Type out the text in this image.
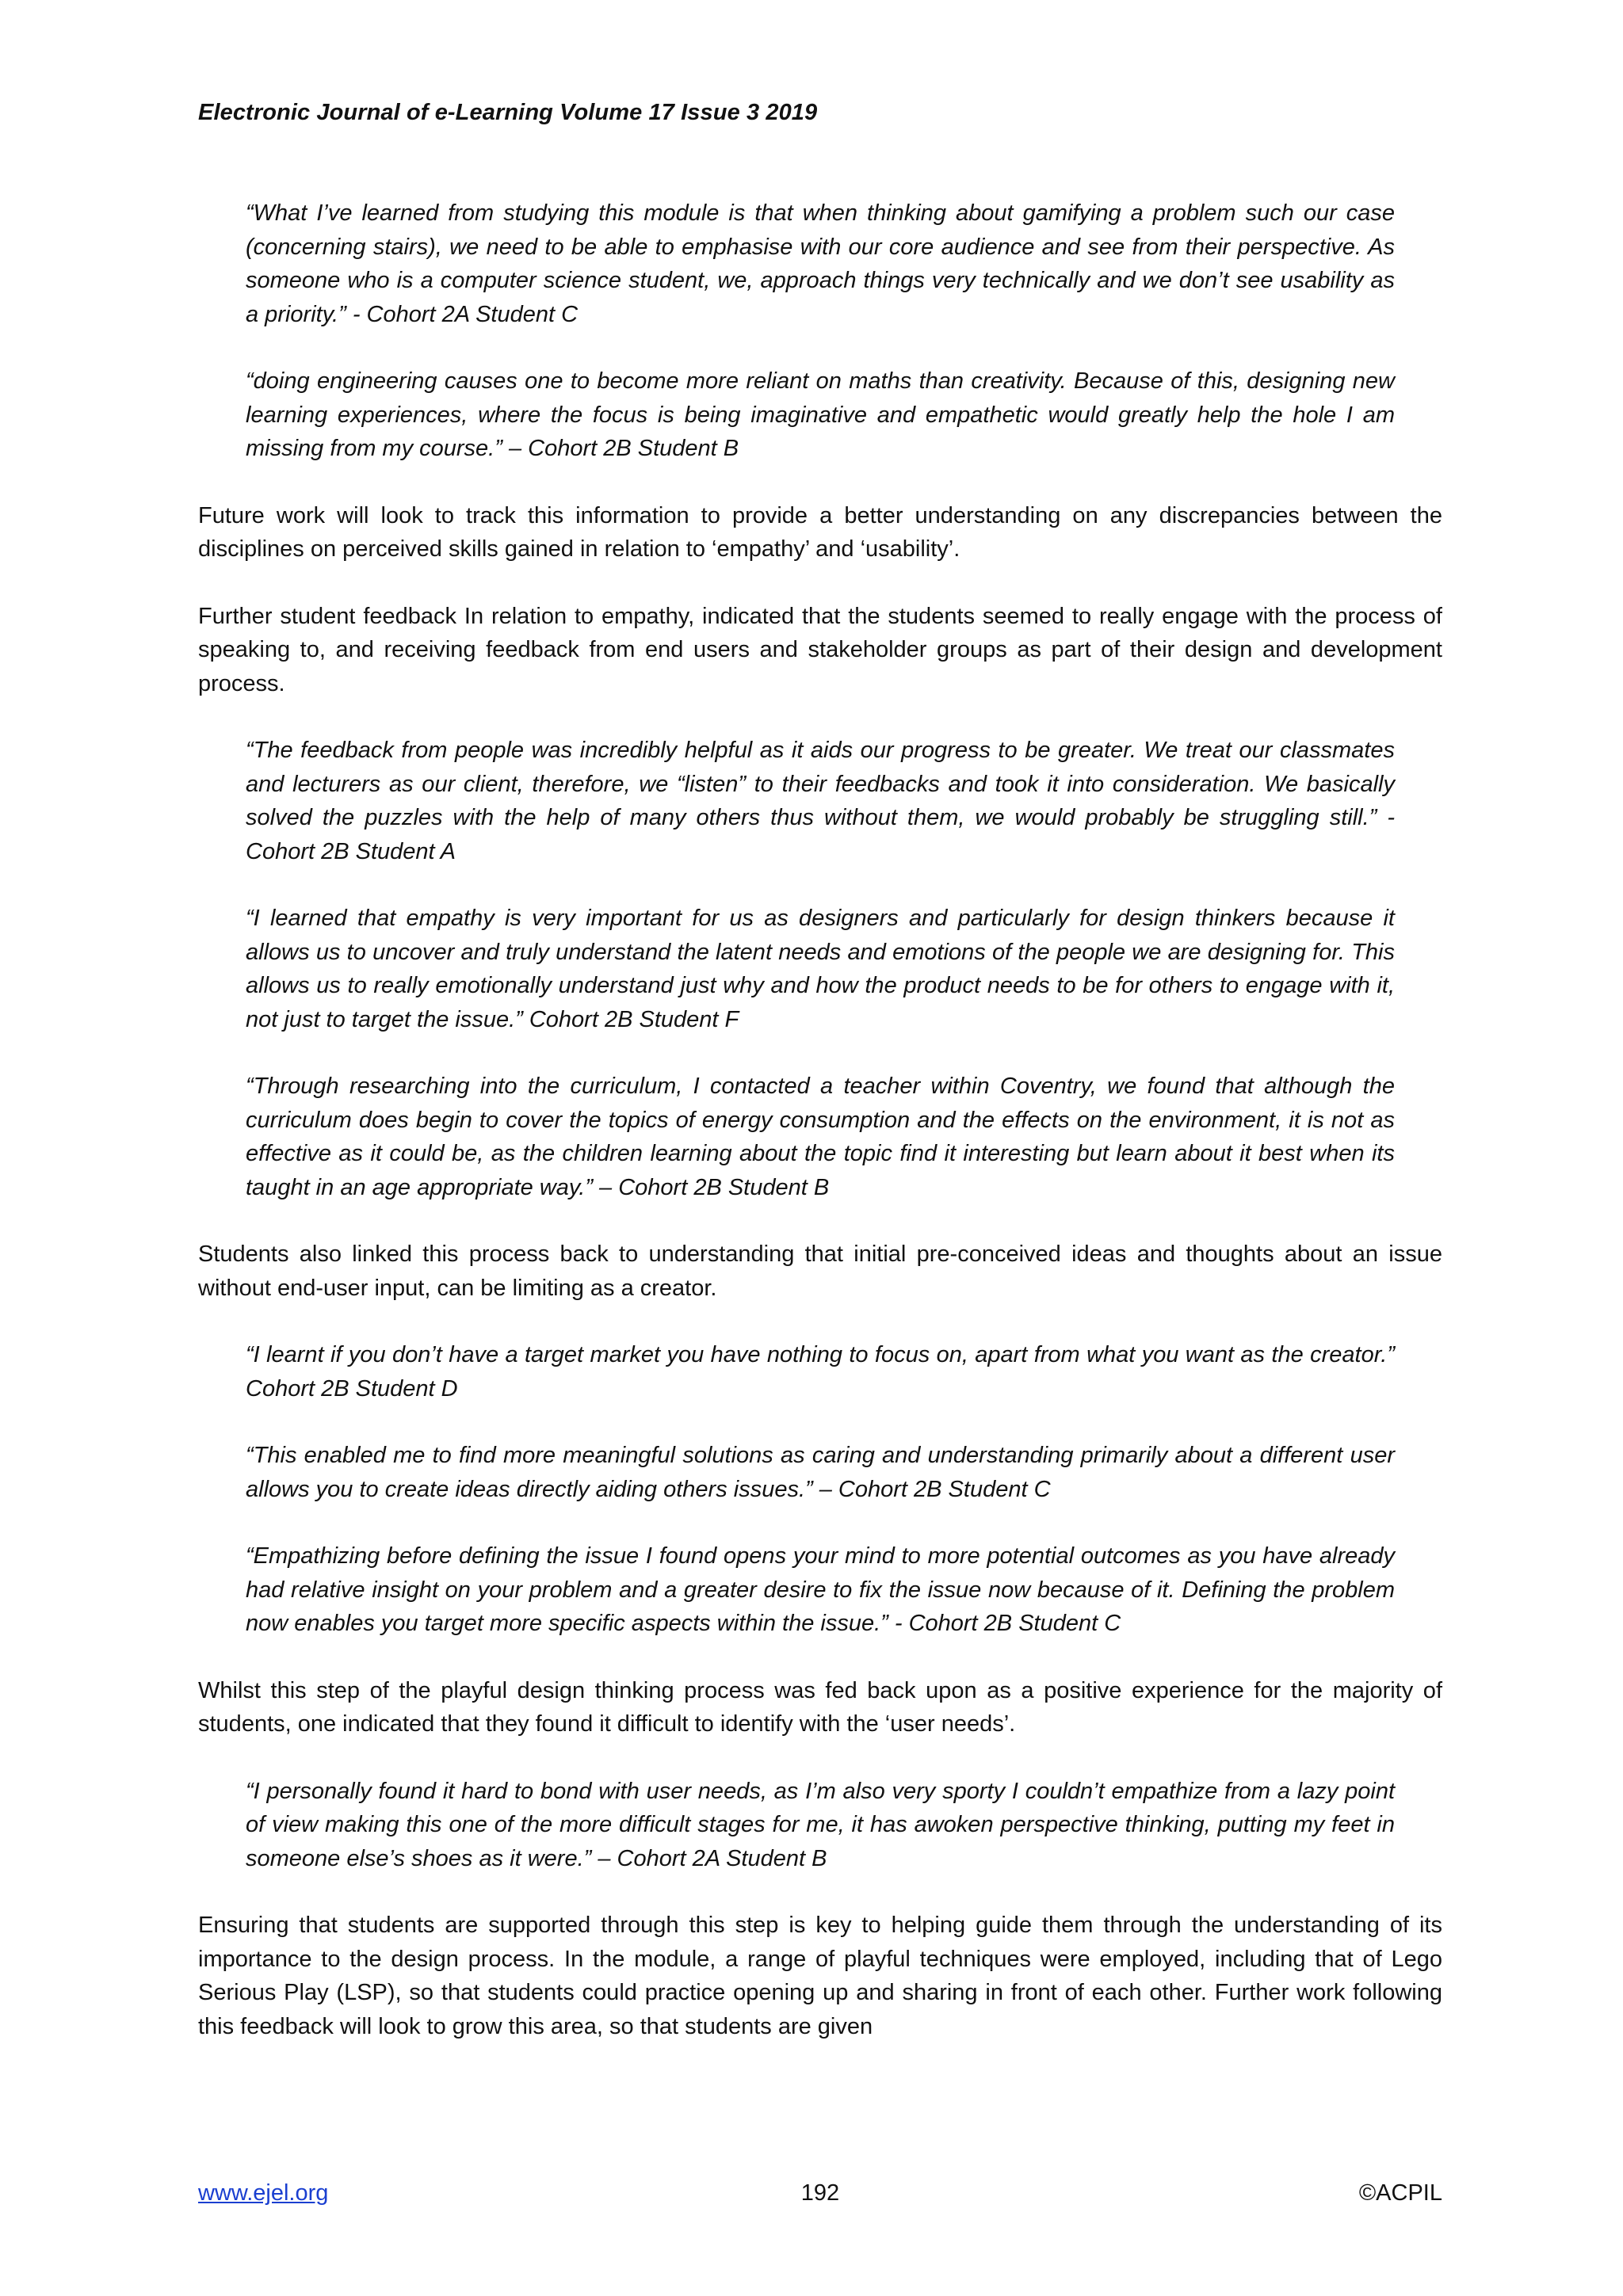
Electronic Journal of e-Learning Volume 17 Issue 3 2019

“What I’ve learned from studying this module is that when thinking about gamifying a problem such our case (concerning stairs), we need to be able to emphasise with our core audience and see from their perspective. As someone who is a computer science student, we, approach things very technically and we don’t see usability as a priority.” - Cohort 2A Student C

“doing engineering causes one to become more reliant on maths than creativity. Because of this, designing new learning experiences, where the focus is being imaginative and empathetic would greatly help the hole I am missing from my course.” – Cohort 2B Student B

Future work will look to track this information to provide a better understanding on any discrepancies between the disciplines on perceived skills gained in relation to ‘empathy’ and ‘usability’.

Further student feedback In relation to empathy, indicated that the students seemed to really engage with the process of speaking to, and receiving feedback from end users and stakeholder groups as part of their design and development process.

“The feedback from people was incredibly helpful as it aids our progress to be greater. We treat our classmates and lecturers as our client, therefore, we “listen” to their feedbacks and took it into consideration. We basically solved the puzzles with the help of many others thus without them, we would probably be struggling still.” - Cohort 2B Student A

“I learned that empathy is very important for us as designers and particularly for design thinkers because it allows us to uncover and truly understand the latent needs and emotions of the people we are designing for. This allows us to really emotionally understand just why and how the product needs to be for others to engage with it, not just to target the issue.” Cohort 2B Student F

“Through researching into the curriculum, I contacted a teacher within Coventry, we found that although the curriculum does begin to cover the topics of energy consumption and the effects on the environment, it is not as effective as it could be, as the children learning about the topic find it interesting but learn about it best when its taught in an age appropriate way.” – Cohort 2B Student B

Students also linked this process back to understanding that initial pre-conceived ideas and thoughts about an issue without end-user input, can be limiting as a creator.

“I learnt if you don’t have a target market you have nothing to focus on, apart from what you want as the creator.” Cohort 2B Student D

“This enabled me to find more meaningful solutions as caring and understanding primarily about a different user allows you to create ideas directly aiding others issues.” – Cohort 2B Student C

“Empathizing before defining the issue I found opens your mind to more potential outcomes as you have already had relative insight on your problem and a greater desire to fix the issue now because of it. Defining the problem now enables you target more specific aspects within the issue.” - Cohort 2B Student C

Whilst this step of the playful design thinking process was fed back upon as a positive experience for the majority of students, one indicated that they found it difficult to identify with the ‘user needs’.

“I personally found it hard to bond with user needs, as I’m also very sporty I couldn’t empathize from a lazy point of view making this one of the more difficult stages for me, it has awoken perspective thinking, putting my feet in someone else’s shoes as it were.” – Cohort 2A Student B

Ensuring that students are supported through this step is key to helping guide them through the understanding of its importance to the design process. In the module, a range of playful techniques were employed, including that of Lego Serious Play (LSP), so that students could practice opening up and sharing in front of each other. Further work following this feedback will look to grow this area, so that students are given

www.ejel.org	192	©ACPIL
